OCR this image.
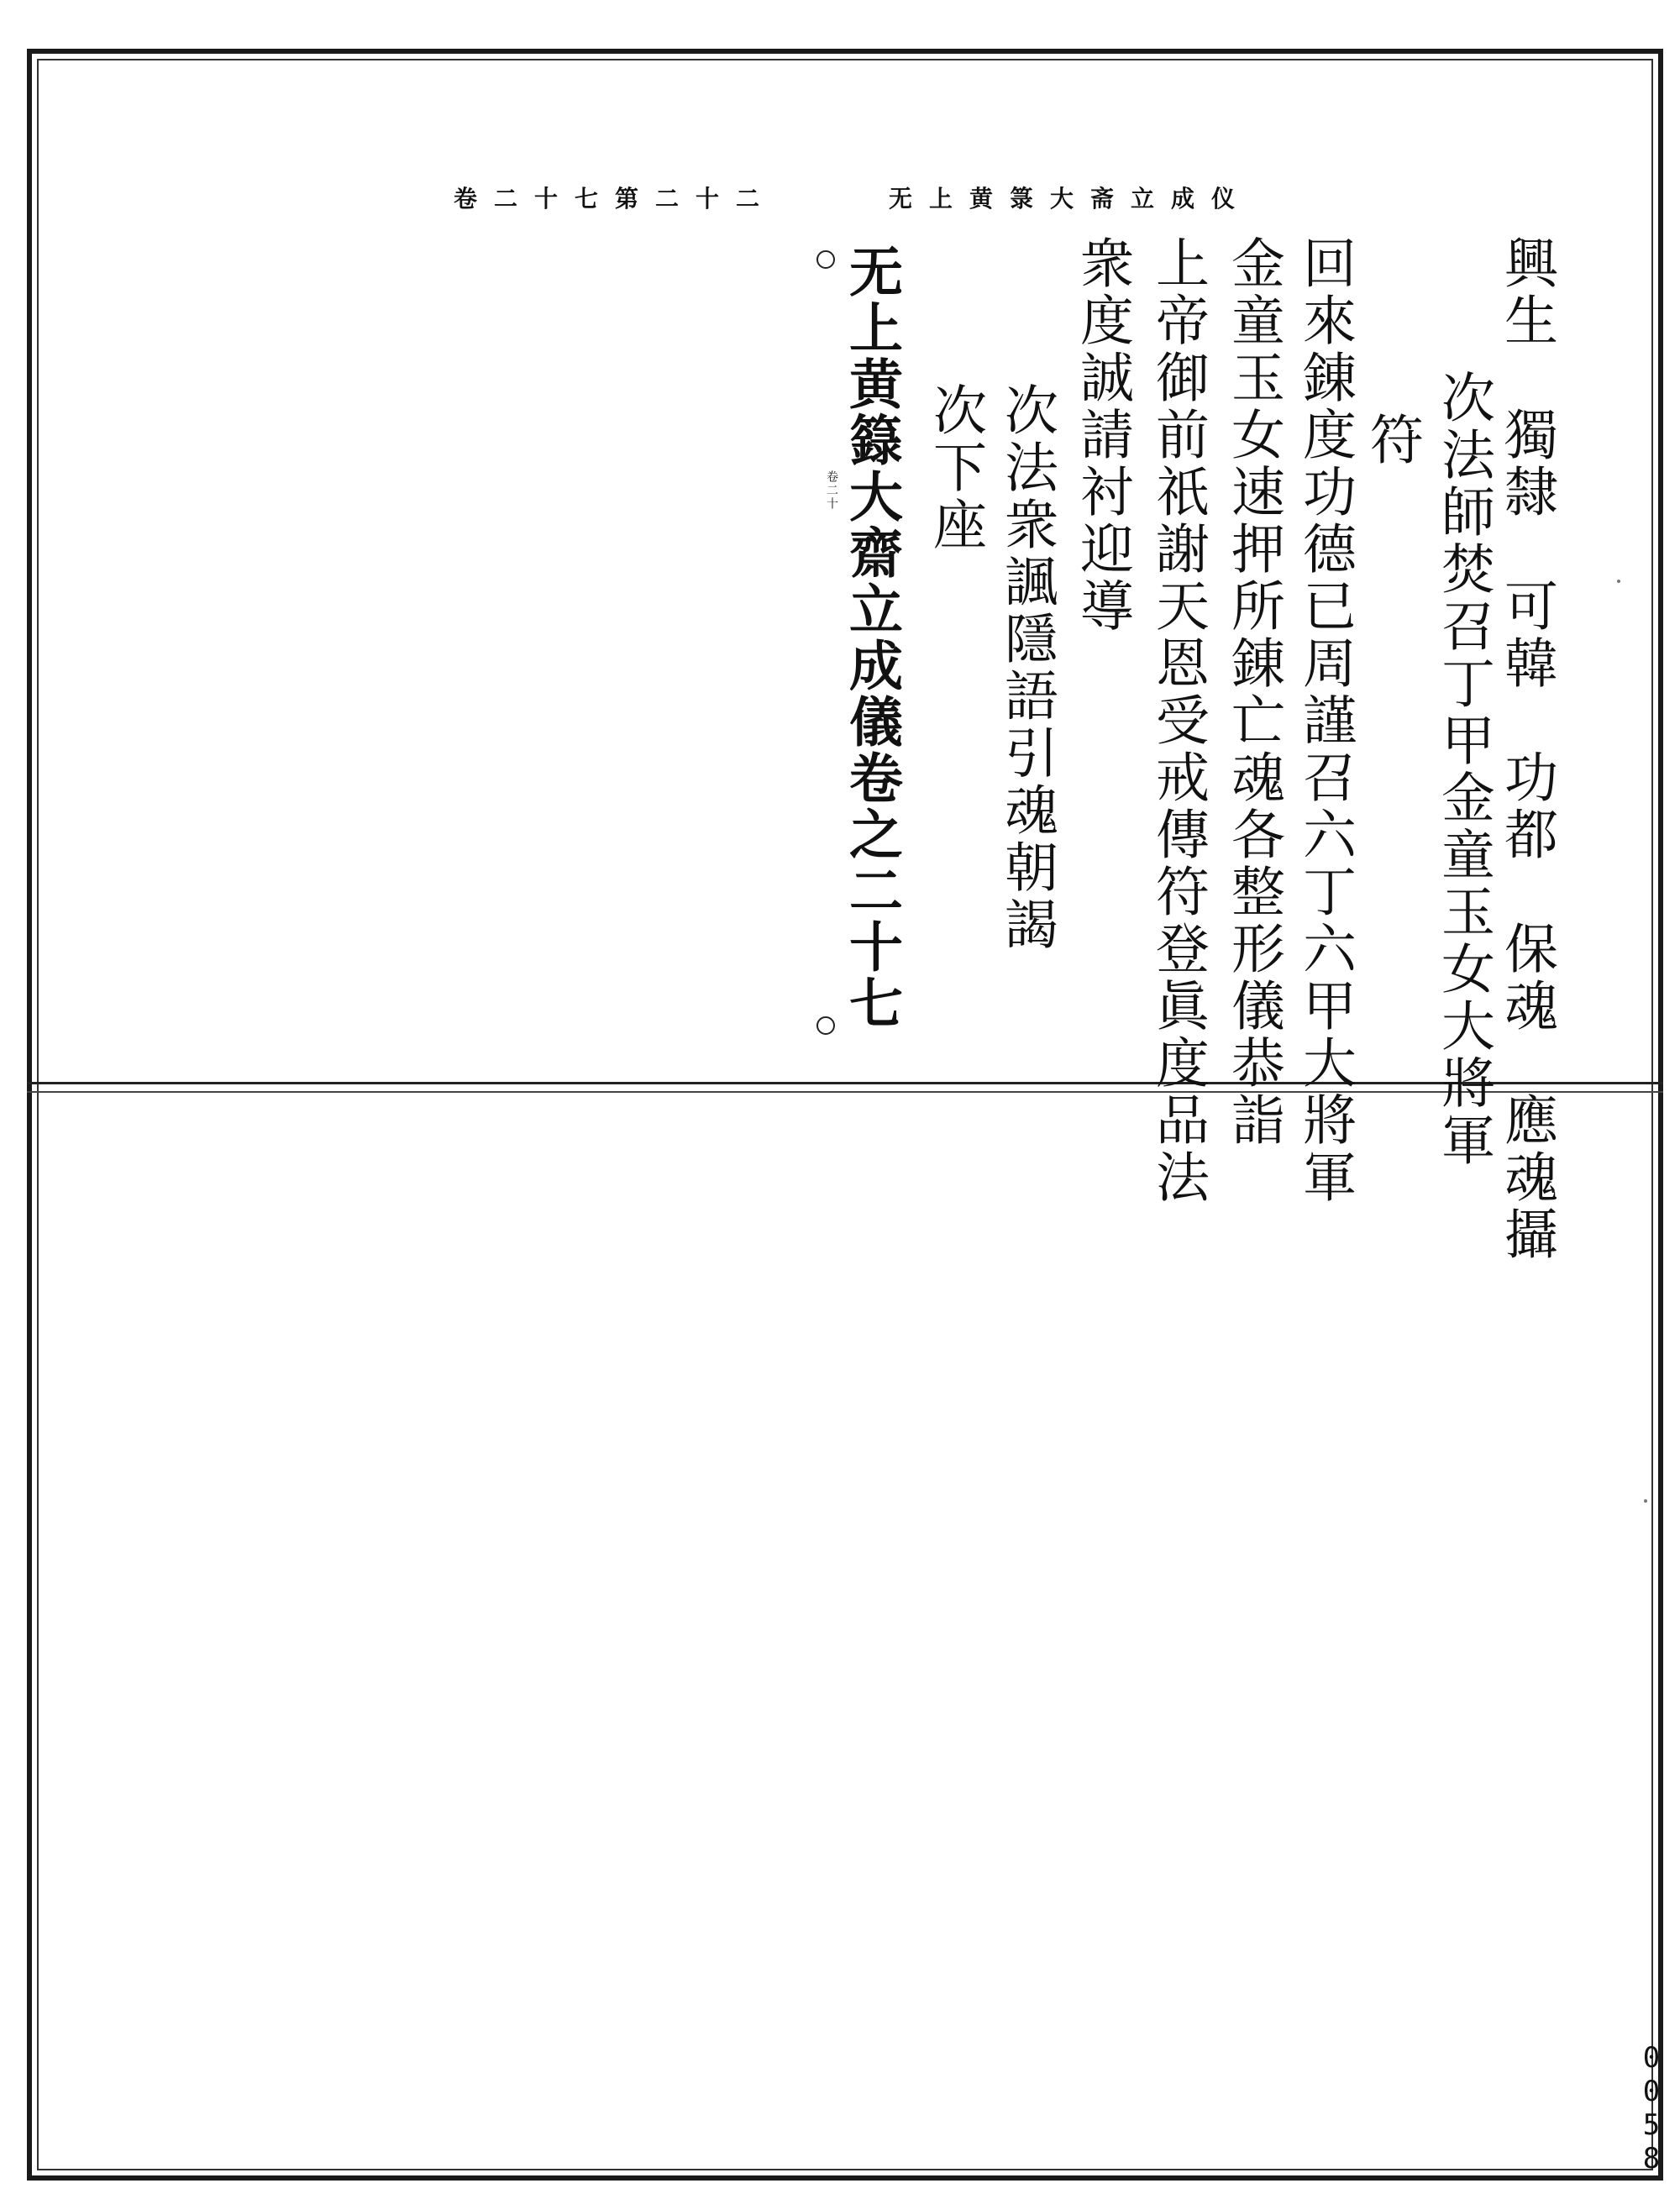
卷二十七第二十二	无上黄箓大斋立成仪
興生　獨隸　可韓　功都　保魂　應魂攝
次法師焚召丁甲金童玉女大將軍
符
回來錬度功德已周謹召六丁六甲大將軍
金童玉女速押所錬亡魂各整形儀恭詣
上帝御前祇謝天恩受戒傳符登眞度品法
衆度誠請衬迎導
次法衆諷隱語引魂朝謁
次下座
无上黄籙大齋立成儀卷之二十七
卷二十
0
0
5
8
